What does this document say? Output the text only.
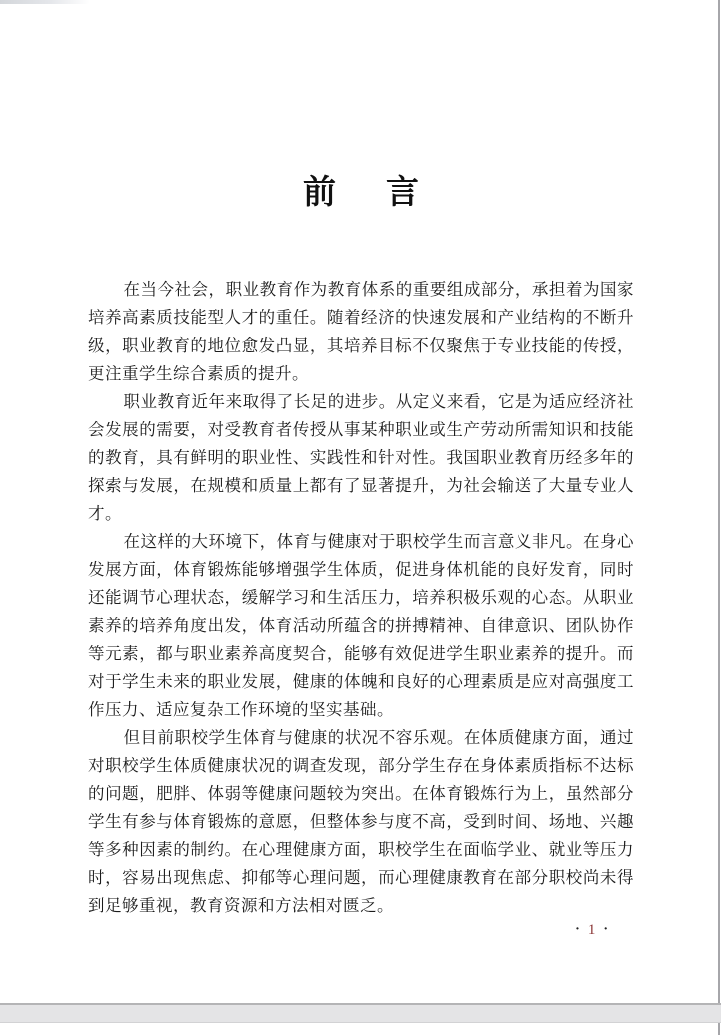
前 言

在当今社会，职业教育作为教育体系的重要组成部分，承担着为国家培养高素质技能型人才的重任。随着经济的快速发展和产业结构的不断升级，职业教育的地位愈发凸显，其培养目标不仅聚焦于专业技能的传授，更注重学生综合素质的提升。

职业教育近年来取得了长足的进步。从定义来看，它是为适应经济社会发展的需要，对受教育者传授从事某种职业或生产劳动所需知识和技能的教育，具有鲜明的职业性、实践性和针对性。我国职业教育历经多年的探索与发展，在规模和质量上都有了显著提升，为社会输送了大量专业人才。

在这样的大环境下，体育与健康对于职校学生而言意义非凡。在身心发展方面，体育锻炼能够增强学生体质，促进身体机能的良好发育，同时还能调节心理状态，缓解学习和生活压力，培养积极乐观的心态。从职业素养的培养角度出发，体育活动所蕴含的拼搏精神、自律意识、团队协作等元素，都与职业素养高度契合，能够有效促进学生职业素养的提升。而对于学生未来的职业发展，健康的体魄和良好的心理素质是应对高强度工作压力、适应复杂工作环境的坚实基础。

但目前职校学生体育与健康的状况不容乐观。在体质健康方面，通过对职校学生体质健康状况的调查发现，部分学生存在身体素质指标不达标的问题，肥胖、体弱等健康问题较为突出。在体育锻炼行为上，虽然部分学生有参与体育锻炼的意愿，但整体参与度不高，受到时间、场地、兴趣等多种因素的制约。在心理健康方面，职校学生在面临学业、就业等压力时，容易出现焦虑、抑郁等心理问题，而心理健康教育在部分职校尚未得到足够重视，教育资源和方法相对匮乏。

· 1 ·
